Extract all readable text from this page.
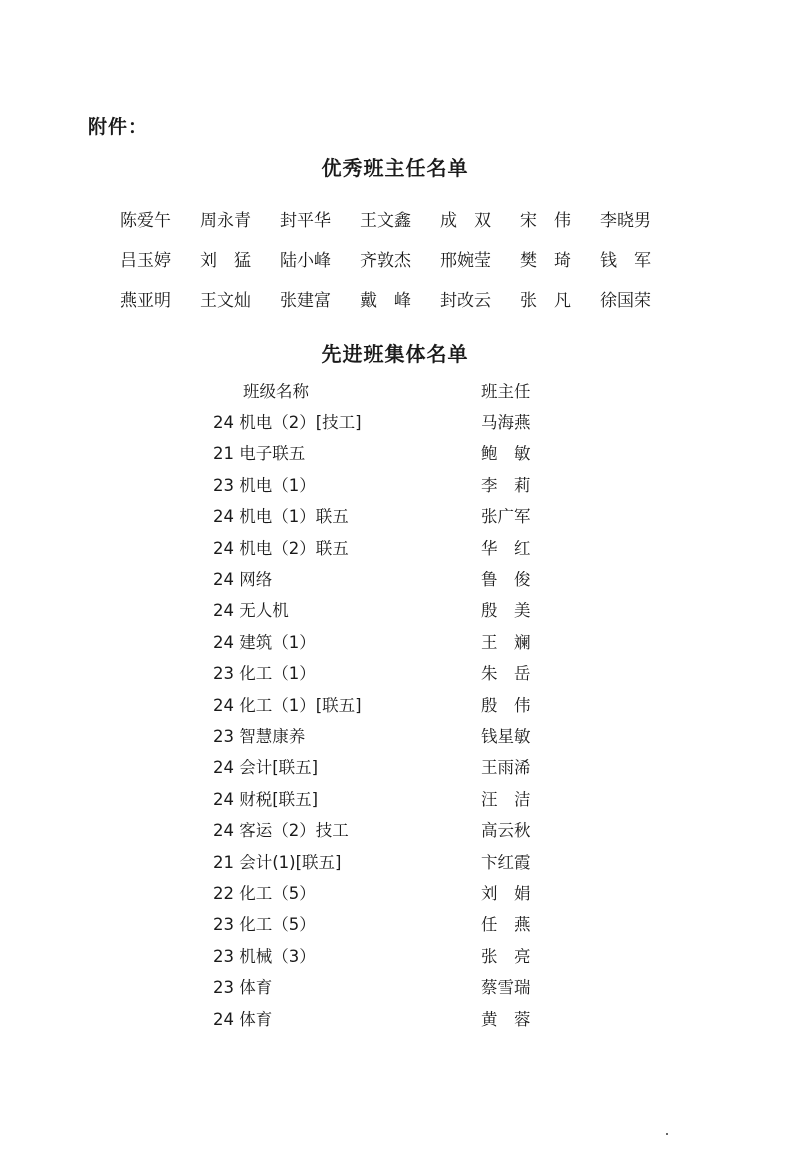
附件：
优秀班主任名单
陈爱午	周永青	封平华	王文鑫	成　双	宋　伟	李晓男
吕玉婷	刘　猛	陆小峰	齐敦杰	邢婉莹	樊　琦	钱　军
燕亚明	王文灿	张建富	戴　峰	封改云	张　凡	徐国荣
先进班集体名单
班级名称	班主任
24 机电（2）[技工]	马海燕
21 电子联五	鲍　敏
23 机电（1）	李　莉
24 机电（1）联五	张广军
24 机电（2）联五	华　红
24 网络	鲁　俊
24 无人机	殷　美
24 建筑（1）	王　斓
23 化工（1）	朱　岳
24 化工（1）[联五]	殷　伟
23 智慧康养	钱星敏
24 会计[联五]	王雨浠
24 财税[联五]	汪　洁
24 客运（2）技工	高云秋
21 会计(1)[联五]	卞红霞
22 化工（5）	刘　娟
23 化工（5）	任　燕
23 机械（3）	张　亮
23 体育	蔡雪瑞
24 体育	黄　蓉
